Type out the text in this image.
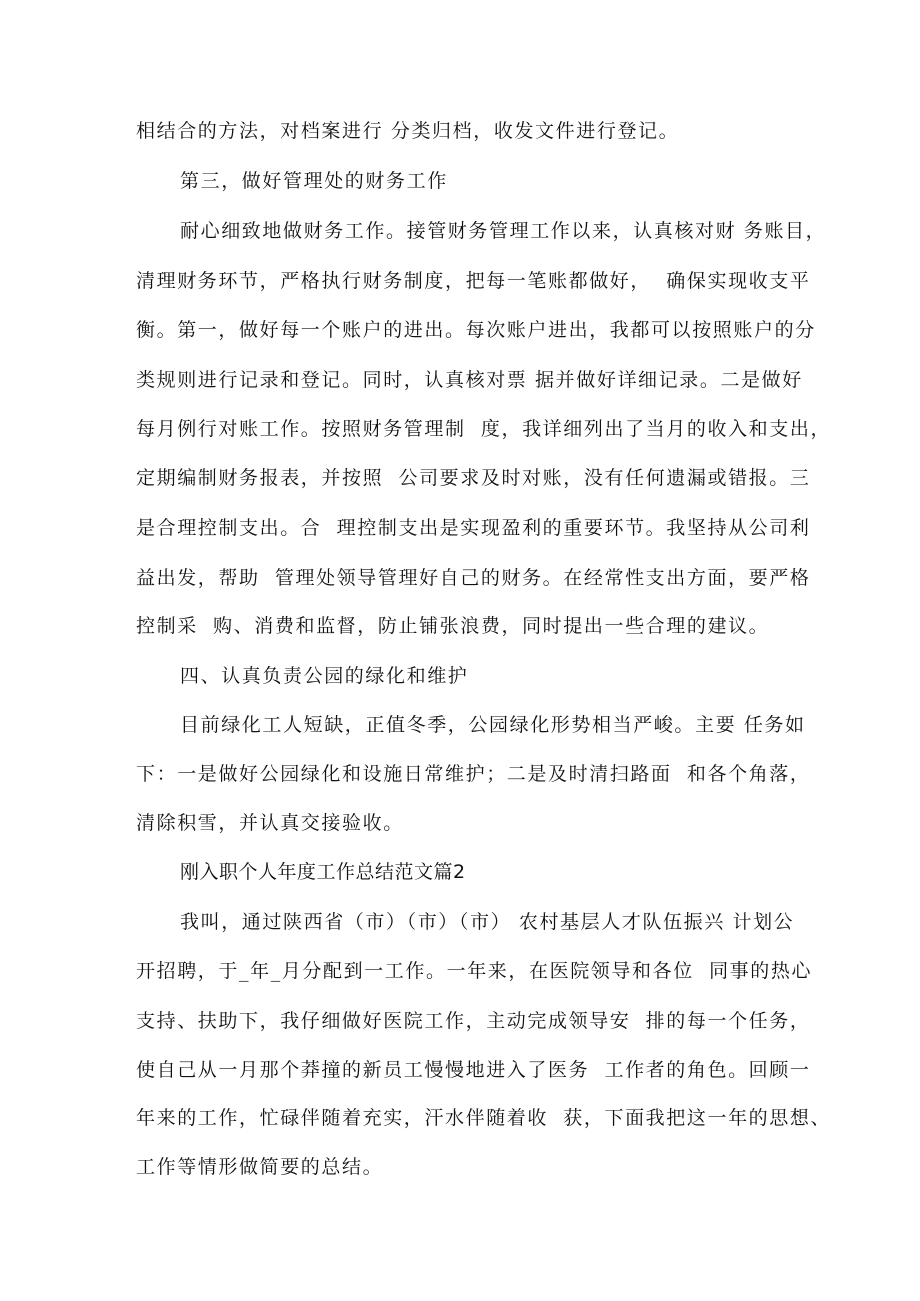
相结合的方法，对档案进行 分类归档，收发文件进行登记。
第三，做好管理处的财务工作
耐心细致地做财务工作。接管财务管理工作以来，认真核对财 务账目，
清理财务环节，严格执行财务制度，把每一笔账都做好，  确保实现收支平
衡。第一，做好每一个账户的进出。每次账户进出，我都可以按照账户的分
类规则进行记录和登记。同时，认真核对票 据并做好详细记录。二是做好
每月例行对账工作。按照财务管理制  度，我详细列出了当月的收入和支出，
定期编制财务报表，并按照  公司要求及时对账，没有任何遗漏或错报。三
是合理控制支出。合  理控制支出是实现盈利的重要环节。我坚持从公司利
益出发，帮助  管理处领导管理好自己的财务。在经常性支出方面，要严格
控制采  购、消费和监督，防止铺张浪费，同时提出一些合理的建议。
四、认真负责公园的绿化和维护
目前绿化工人短缺，正值冬季，公园绿化形势相当严峻。主要 任务如
下：一是做好公园绿化和设施日常维护；二是及时清扫路面  和各个角落，
清除积雪，并认真交接验收。
刚入职个人年度工作总结范文篇2
我叫，通过陕西省（市）（市）（市） 农村基层人才队伍振兴 计划公
开招聘，于_年_月分配到一工作。一年来，在医院领导和各位  同事的热心
支持、扶助下，我仔细做好医院工作，主动完成领导安  排的每一个任务，
使自己从一月那个莽撞的新员工慢慢地进入了医务  工作者的角色。回顾一
年来的工作，忙碌伴随着充实，汗水伴随着收  获，下面我把这一年的思想、
工作等情形做简要的总结。
